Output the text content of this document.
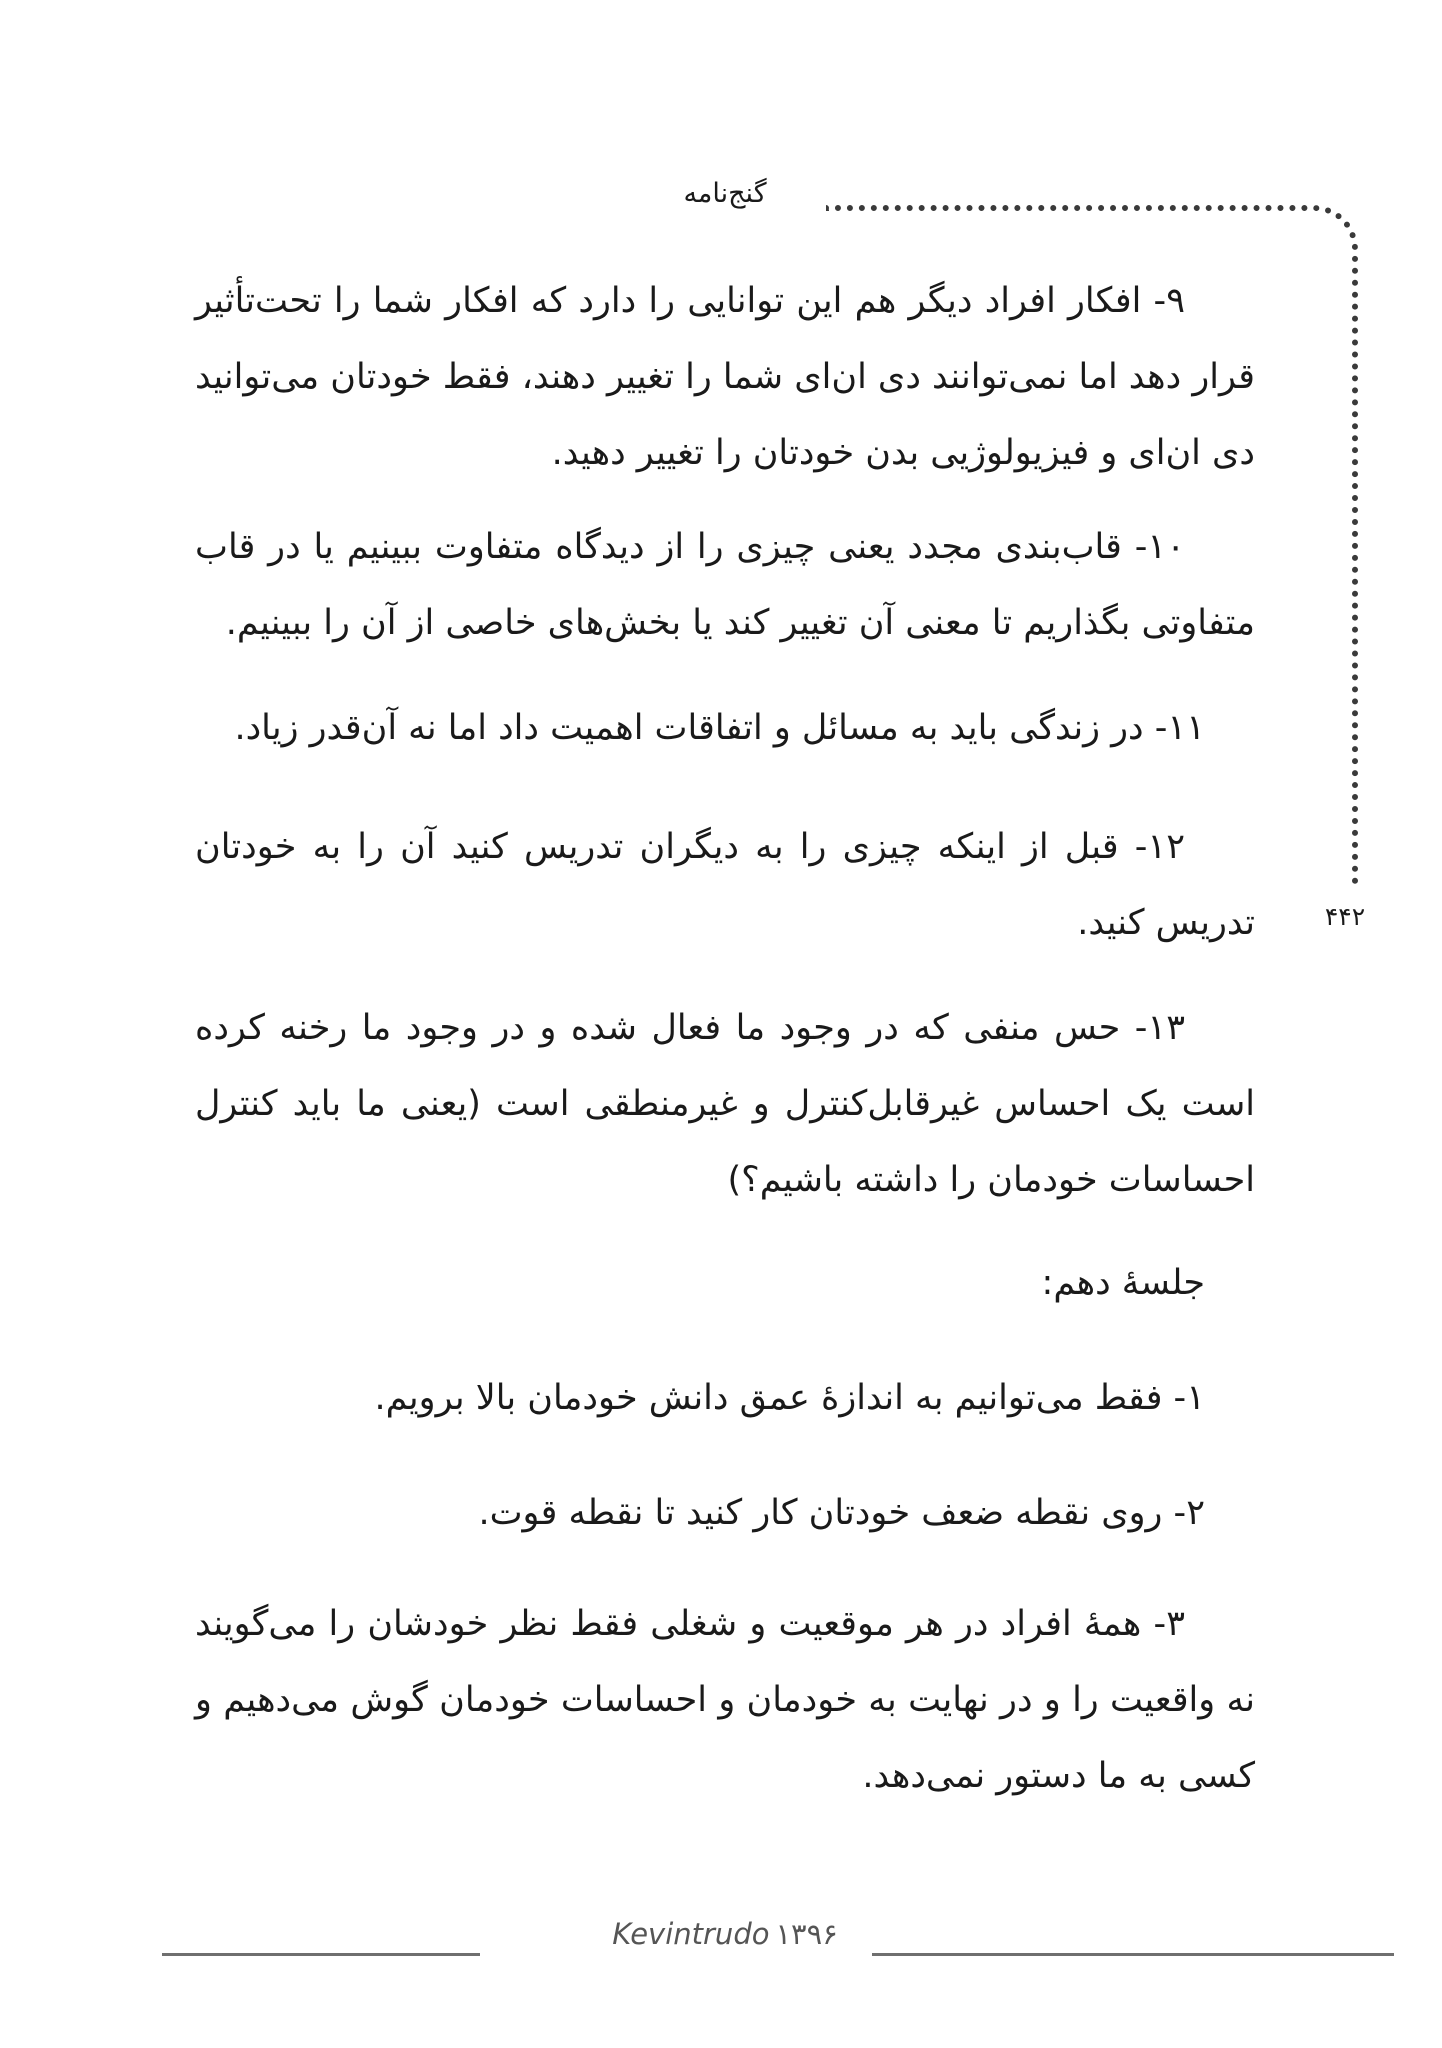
گنج‌نامه
۴۴۲
۹- افکار افراد دیگر هم این توانایی را دارد که افکار شما را تحت‌تأثیر قرار دهد اما نمی‌توانند دی ان‌ای شما را تغییر دهند، فقط خودتان می‌توانید دی ان‌ای و فیزیولوژیی بدن خودتان را تغییر دهید.
۱۰- قاب‌بندی مجدد یعنی چیزی را از دیدگاه متفاوت ببینیم یا در قاب متفاوتی بگذاریم تا معنی آن تغییر کند یا بخش‌های خاصی از آن را ببینیم.
۱۱- در زندگی باید به مسائل و اتفاقات اهمیت داد اما نه آن‌قدر زیاد.
۱۲- قبل از اینکه چیزی را به دیگران تدریس کنید آن را به خودتان تدریس کنید.
۱۳- حس منفی که در وجود ما فعال شده و در وجود ما رخنه کرده است یک احساس غیرقابل‌کنترل و غیرمنطقی است (یعنی ما باید کنترل احساسات خودمان را داشته باشیم؟)
جلسهٔ دهم:
۱- فقط می‌توانیم به اندازهٔ عمق دانش خودمان بالا برویم.
۲- روی نقطه ضعف خودتان کار کنید تا نقطه قوت.
۳- همهٔ افراد در هر موقعیت و شغلی فقط نظر خودشان را می‌گویند نه واقعیت را و در نهایت به خودمان و احساسات خودمان گوش می‌دهیم و کسی به ما دستور نمی‌دهد.
Kevintrudo ۱۳۹۶
